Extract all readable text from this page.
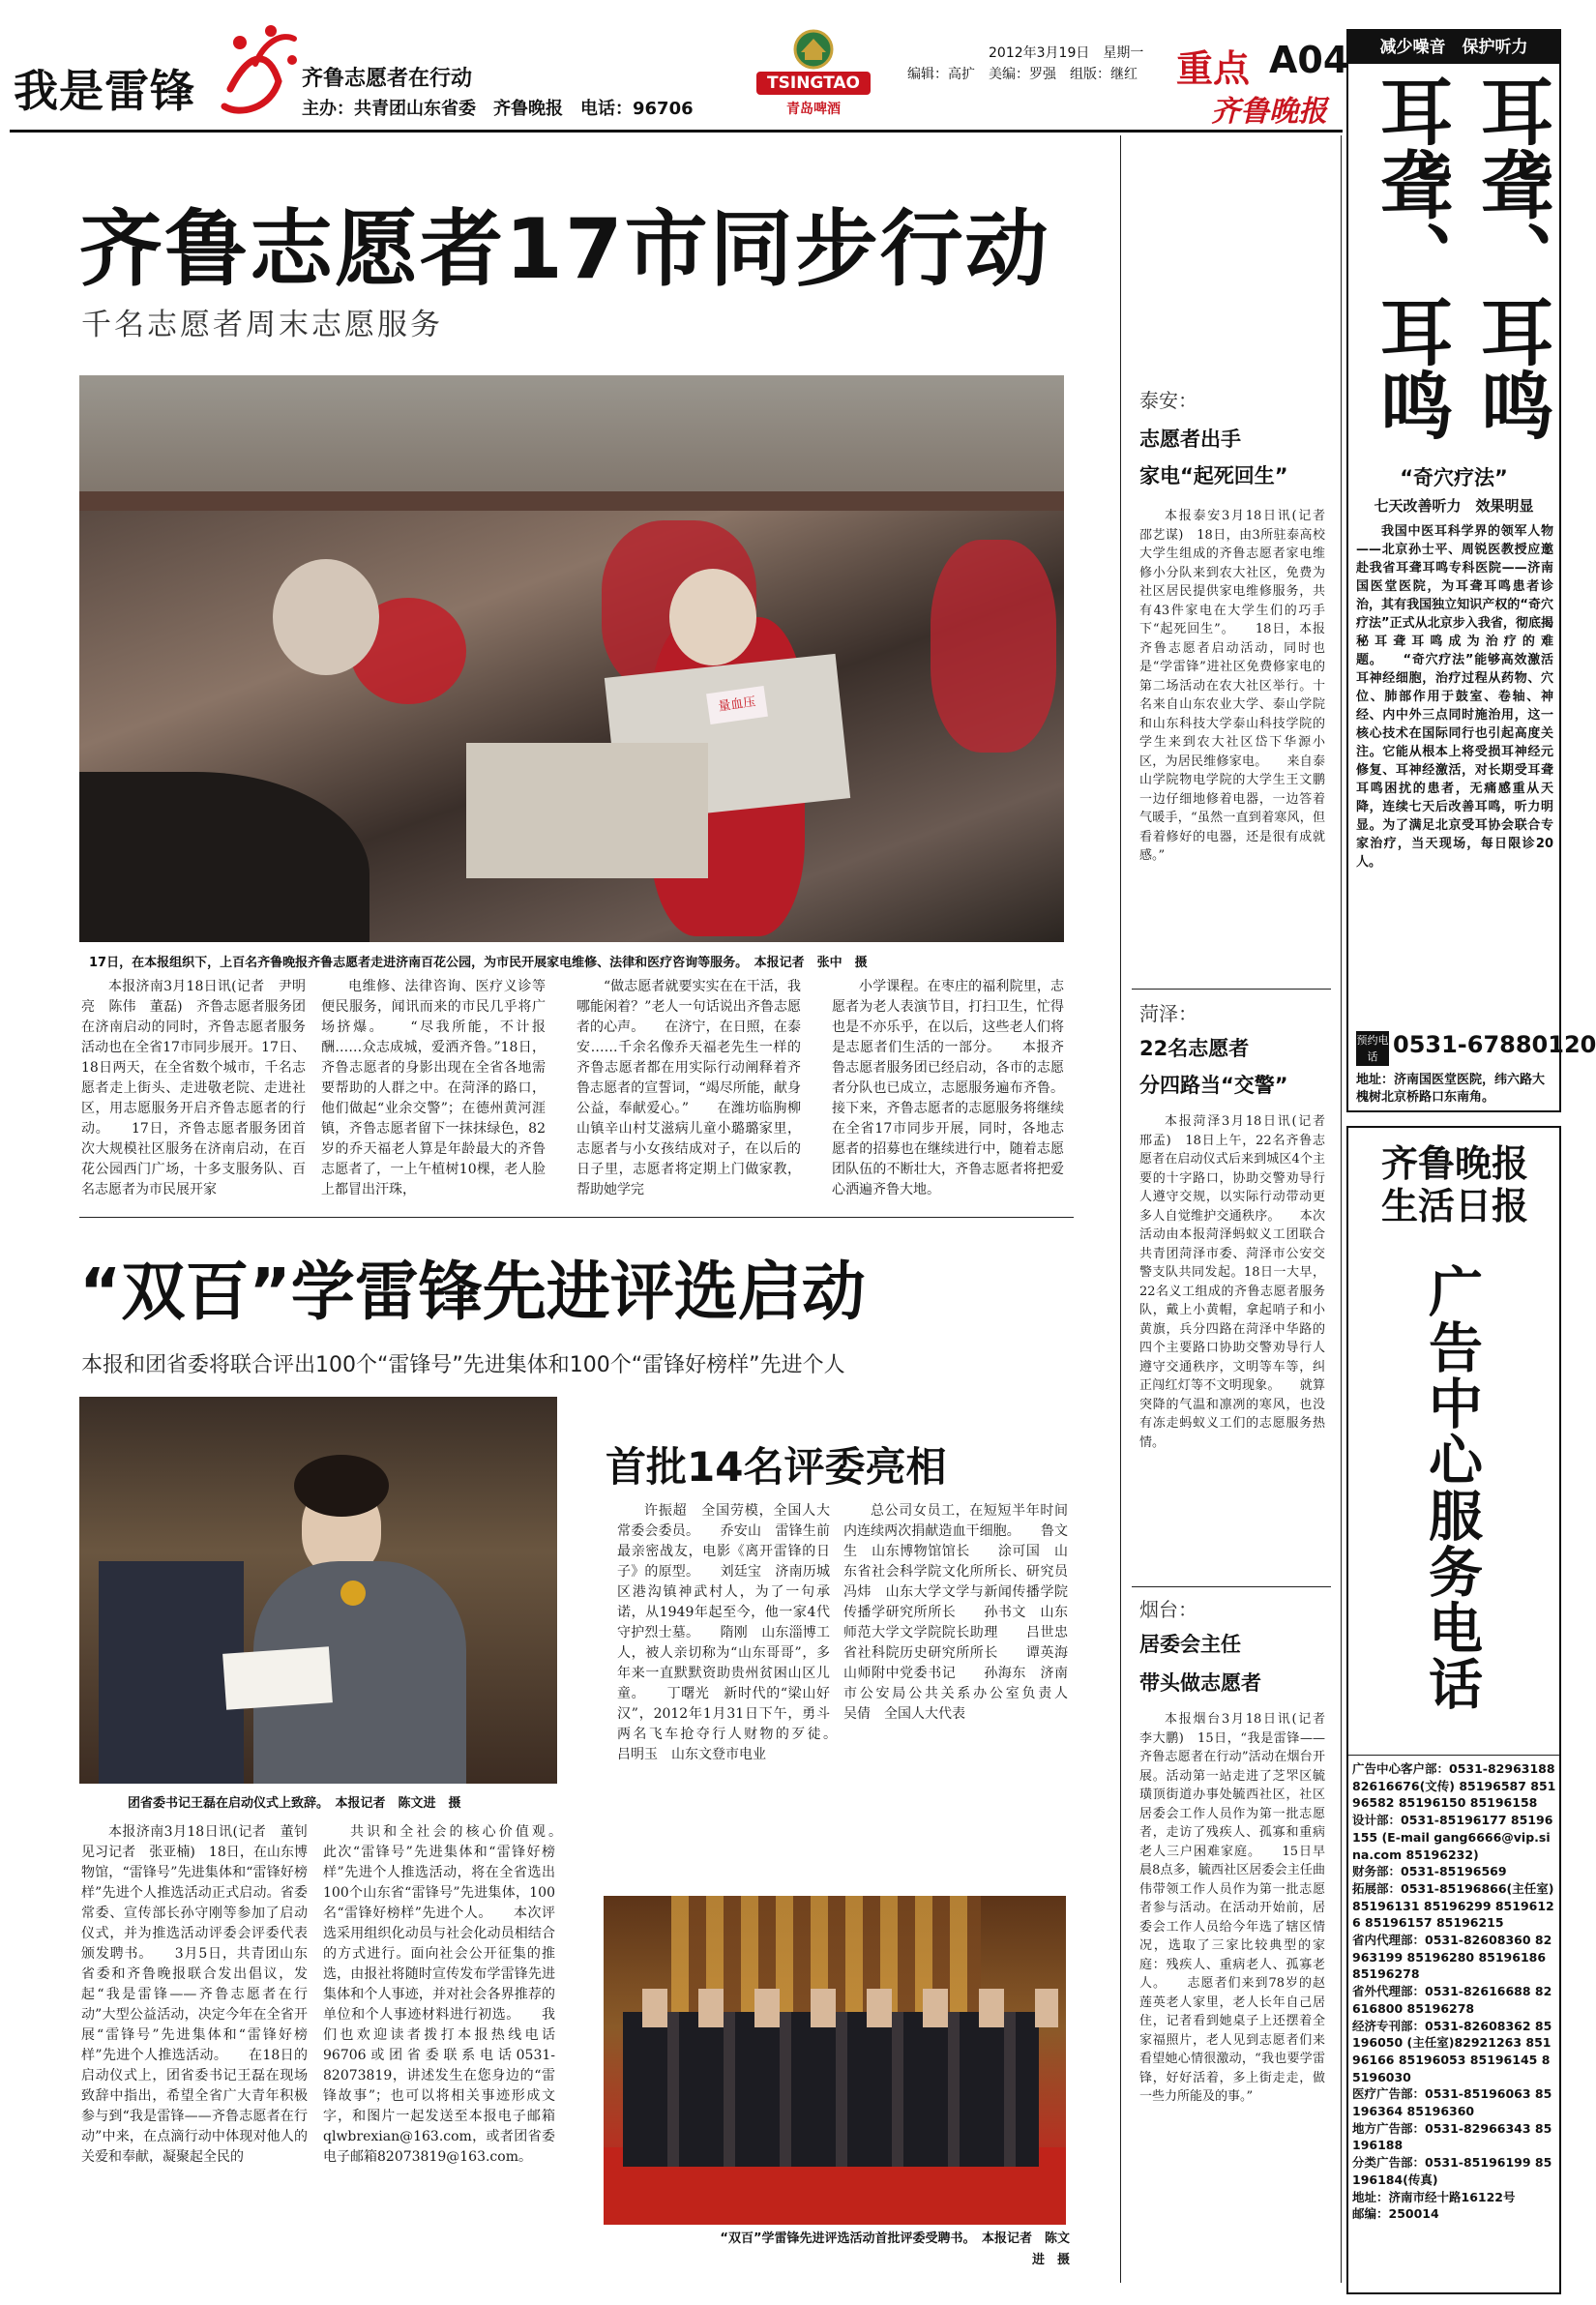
我是雷锋	齐鲁志愿者在行动
主办：共青团山东省委　齐鲁晚报　电话：96706
TSINGTAO
青岛啤酒
2012年3月19日　星期一
编辑：高扩　美编：罗强　组版：继红 重点 A04
齐鲁晚报
齐鲁志愿者17市同步行动
千名志愿者周末志愿服务
量血压
17日，在本报组织下，上百名齐鲁晚报齐鲁志愿者走进济南百花公园，为市民开展家电维修、法律和医疗咨询等服务。　本报记者　张中　摄

本报济南3月18日讯(记者　尹明亮　陈伟　董磊)　齐鲁志愿者服务团在济南启动的同时，齐鲁志愿者服务活动也在全省17市同步展开。17日、18日两天，在全省数个城市，千名志愿者走上街头、走进敬老院、走进社区，用志愿服务开启齐鲁志愿者的行动。　　17日，齐鲁志愿者服务团首次大规模社区服务在济南启动，在百花公园西门广场，十多支服务队、百名志愿者为市民展开家

电维修、法律咨询、医疗义诊等便民服务，闻讯而来的市民几乎将广场挤爆。　　“尽我所能，不计报酬……众志成城，爱洒齐鲁。”18日，齐鲁志愿者的身影出现在全省各地需要帮助的人群之中。在菏泽的路口，他们做起“业余交警”；在德州黄河涯镇，齐鲁志愿者留下一抹抹绿色，82岁的乔天福老人算是年龄最大的齐鲁志愿者了，一上午植树10棵，老人脸上都冒出汗珠，

“做志愿者就要实实在在干活，我哪能闲着？”老人一句话说出齐鲁志愿者的心声。　　在济宁，在日照，在泰安……千余名像乔天福老先生一样的齐鲁志愿者都在用实际行动阐释着齐鲁志愿者的宣誓词，“竭尽所能，献身公益，奉献爱心。”　　在潍坊临朐柳山镇辛山村艾滋病儿童小璐璐家里，志愿者与小女孩结成对子，在以后的日子里，志愿者将定期上门做家教，帮助她学完

小学课程。在枣庄的福利院里，志愿者为老人表演节目，打扫卫生，忙得也是不亦乐乎，在以后，这些老人们将是志愿者们生活的一部分。　　本报齐鲁志愿者服务团已经启动，各市的志愿者分队也已成立，志愿服务遍布齐鲁。接下来，齐鲁志愿者的志愿服务将继续在全省17市同步开展，同时，各地志愿者的招募也在继续进行中，随着志愿团队伍的不断壮大，齐鲁志愿者将把爱心洒遍齐鲁大地。

“双百”学雷锋先进评选启动
本报和团省委将联合评出100个“雷锋号”先进集体和100个“雷锋好榜样”先进个人
团省委书记王磊在启动仪式上致辞。　本报记者　陈文进　摄
首批14名评委亮相

许振超　全国劳模，全国人大常委会委员。　　乔安山　雷锋生前最亲密战友，电影《离开雷锋的日子》的原型。　　刘廷宝　济南历城区港沟镇神武村人，为了一句承诺，从1949年起至今，他一家4代守护烈士墓。　　隋刚　山东淄博工人，被人亲切称为“山东哥哥”，多年来一直默默资助贵州贫困山区儿童。　　丁曙光　新时代的“梁山好汉”，2012年1月31日下午，勇斗两名飞车抢夺行人财物的歹徒。　　吕明玉　山东文登市电业

总公司女员工，在短短半年时间内连续两次捐献造血干细胞。　　鲁文生　山东博物馆馆长　　涂可国　山东省社会科学院文化所所长、研究员　　冯炜　山东大学文学与新闻传播学院传播学研究所所长　　孙书文　山东师范大学文学院院长助理　　吕世忠　省社科院历史研究所所长　　谭英海　山师附中党委书记　　孙海东　济南市公安局公共关系办公室负责人　　吴倩　全国人大代表

本报济南3月18日讯(记者　董钊　见习记者　张亚楠)　18日，在山东博物馆，“雷锋号”先进集体和“雷锋好榜样”先进个人推选活动正式启动。省委常委、宣传部长孙守刚等参加了启动仪式，并为推选活动评委会评委代表颁发聘书。　　3月5日，共青团山东省委和齐鲁晚报联合发出倡议，发起“我是雷锋——齐鲁志愿者在行动”大型公益活动，决定今年在全省开展“雷锋号”先进集体和“雷锋好榜样”先进个人推选活动。　　在18日的启动仪式上，团省委书记王磊在现场致辞中指出，希望全省广大青年积极参与到“我是雷锋——齐鲁志愿者在行动”中来，在点滴行动中体现对他人的关爱和奉献，凝聚起全民的

共识和全社会的核心价值观。　　此次“雷锋号”先进集体和“雷锋好榜样”先进个人推选活动，将在全省选出100个山东省“雷锋号”先进集体，100名“雷锋好榜样”先进个人。　　本次评选采用组织化动员与社会化动员相结合的方式进行。面向社会公开征集的推选，由报社将随时宣传发布学雷锋先进集体和个人事迹，并对社会各界推荐的单位和个人事迹材料进行初选。　　我们也欢迎读者拨打本报热线电话96706或团省委联系电话0531-82073819，讲述发生在您身边的“雷锋故事”；也可以将相关事迹形成文字，和图片一起发送至本报电子邮箱qlwbrexian@163.com，或者团省委电子邮箱82073819@163.com。

“双百”学雷锋先进评选活动首批评委受聘书。　本报记者　陈文进　摄
泰安：
志愿者出手
家电“起死回生”

本报泰安3月18日讯(记者　邵艺谋)　18日，由3所驻泰高校大学生组成的齐鲁志愿者家电维修小分队来到农大社区，免费为社区居民提供家电维修服务，共有43件家电在大学生们的巧手下“起死回生”。　　18日，本报齐鲁志愿者启动活动，同时也是“学雷锋”进社区免费修家电的第二场活动在农大社区举行。十名来自山东农业大学、泰山学院和山东科技大学泰山科技学院的学生来到农大社区岱下华源小区，为居民维修家电。　　来自泰山学院物电学院的大学生王文鹏一边仔细地修着电器，一边答着气暖手，“虽然一直到着寒风，但看着修好的电器，还是很有成就感。”

菏泽：
22名志愿者
分四路当“交警”

本报菏泽3月18日讯(记者　邢孟)　18日上午，22名齐鲁志愿者在启动仪式后来到城区4个主要的十字路口，协助交警劝导行人遵守交规，以实际行动带动更多人自觉维护交通秩序。　　本次活动由本报菏泽蚂蚁义工团联合共青团菏泽市委、菏泽市公安交警支队共同发起。18日一大早，22名义工组成的齐鲁志愿者服务队，戴上小黄帽，拿起哨子和小黄旗，兵分四路在菏泽中华路的四个主要路口协助交警劝导行人遵守交通秩序，文明等车等，纠正闯红灯等不文明现象。　　就算突降的气温和凛冽的寒风，也没有冻走蚂蚁义工们的志愿服务热情。

烟台：
居委会主任
带头做志愿者

本报烟台3月18日讯(记者　李大鹏)　15日，“我是雷锋——齐鲁志愿者在行动”活动在烟台开展。活动第一站走进了芝罘区毓璜顶街道办事处毓西社区，社区居委会工作人员作为第一批志愿者，走访了残疾人、孤寡和重病老人三户困难家庭。　　15日早晨8点多，毓西社区居委会主任曲伟带领工作人员作为第一批志愿者参与活动。在活动开始前，居委会工作人员给今年选了辖区情况，选取了三家比较典型的家庭：残疾人、重病老人、孤寡老人。　　志愿者们来到78岁的赵莲英老人家里，老人长年自己居住，记者看到她桌子上还摆着全家福照片，老人见到志愿者们来看望她心情很激动，“我也要学雷锋，好好活着，多上街走走，做一些力所能及的事。”

减少噪音　保护听力
耳聋、耳鸣 耳聋、耳鸣
“奇穴疗法”
七天改善听力　效果明显

我国中医耳科学界的领军人物——北京孙士平、周锐医教授应邀赴我省耳聋耳鸣专科医院——济南国医堂医院，为耳聋耳鸣患者诊治，其有我国独立知识产权的“奇穴疗法”正式从北京步入我省，彻底揭秘耳聋耳鸣成为治疗的难题。　　“奇穴疗法”能够高效激活耳神经细胞，治疗过程从药物、穴位、肺部作用于鼓室、卷轴、神经、内中外三点同时施治用，这一核心技术在国际同行也引起高度关注。它能从根本上将受损耳神经元修复、耳神经激活，对长期受耳聋耳鸣困扰的患者，无痛感重从天降，连续七天后改善耳鸣，听力明显。为了满足北京受耳协会联合专家治疗，当天现场，每日限诊20人。

预约电话 0531-67880120
地址：济南国医堂医院，纬六路大槐树北京桥路口东南角。
齐鲁晚报
生活日报
广告中心服务电话
广告中心客户部：0531-82963188 82616676(文传) 85196587 85196582 85196150 85196158
设计部：0531-85196177 85196155 (E-mail gang6666@vip.sina.com 85196232)
财务部：0531-85196569
拓展部：0531-85196866(主任室) 85196131 85196299 85196126 85196157 85196215
省内代理部：0531-82608360 82963199 85196280 85196186 85196278
省外代理部：0531-82616688 82616800 85196278
经济专刊部：0531-82608362 85196050 (主任室)82921263 85196166 85196053 85196145 85196030
医疗广告部：0531-85196063 85196364 85196360
地方广告部：0531-82966343 85196188
分类广告部：0531-85196199 85196184(传真)
地址：济南市经十路16122号
邮编：250014
